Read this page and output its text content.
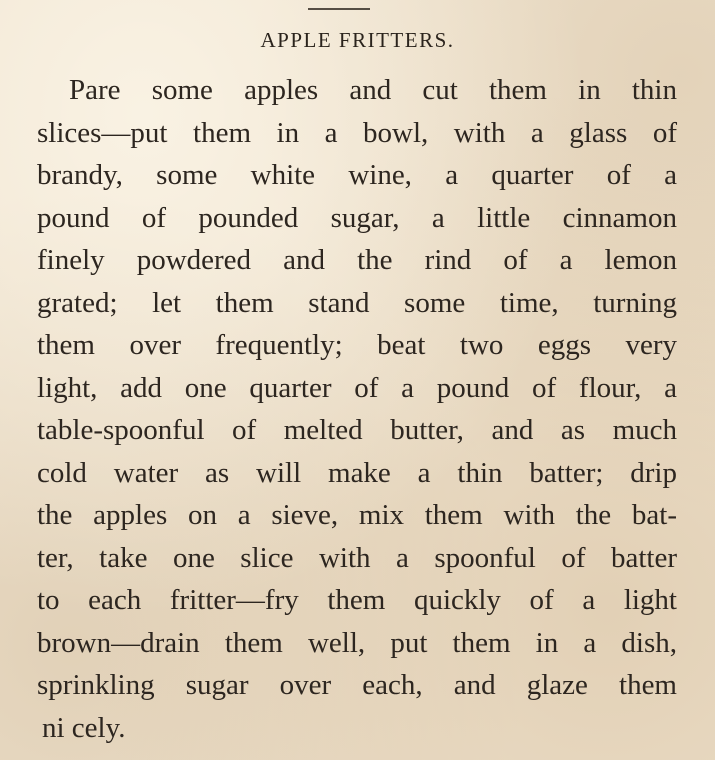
APPLE FRITTERS.
Pare some apples and cut them in thin
slices—put them in a bowl, with a glass of
brandy, some white wine, a quarter of a
pound of pounded sugar, a little cinnamon
finely powdered and the rind of a lemon
grated; let them stand some time, turning
them over frequently; beat two eggs very
light, add one quarter of a pound of flour, a
table-spoonful of melted butter, and as much
cold water as will make a thin batter; drip
the apples on a sieve, mix them with the bat-
ter, take one slice with a spoonful of batter
to each fritter—fry them quickly of a light
brown—drain them well, put them in a dish,
sprinkling sugar over each, and glaze them
ni cely.
